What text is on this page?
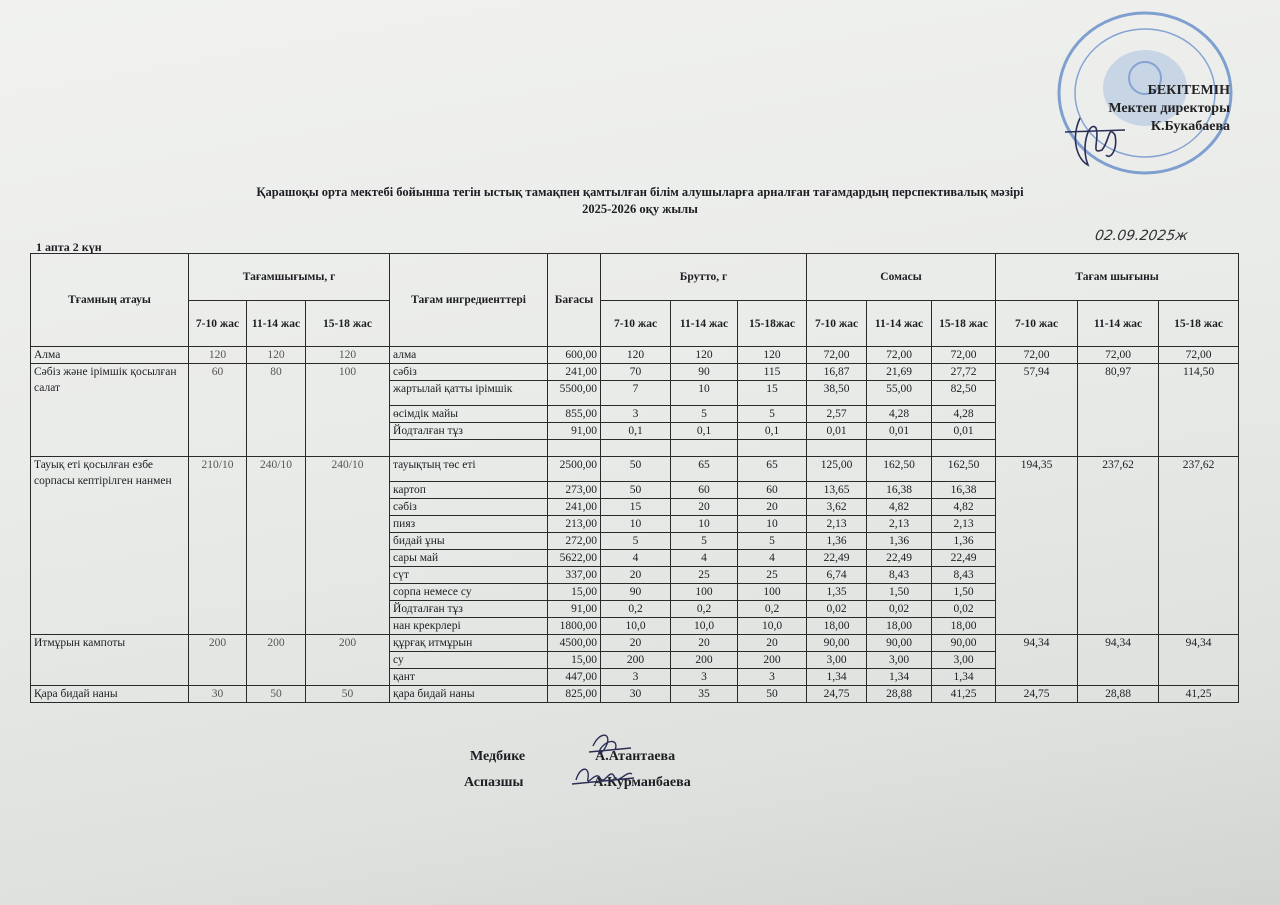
БЕКІТЕМІН
Мектеп директоры
К.Букабаева
Қарашоқы орта мектебі бойынша тегін ыстық тамақпен қамтылған білім алушыларға арналған тағамдардың перспективалық мәзірі
2025-2026 оқу жылы
1 апта 2 күн
02.09.2025ж
Тғамның атауы	Тағамшығымы, г			Тағам ингредиенттері	Бағасы	Брутто, г			Сомасы			Тағам шығыны		
	7-10 жас	11-14 жас	15-18 жас			7-10 жас	11-14 жас	15-18жас	7-10 жас	11-14 жас	15-18 жас	7-10 жас	11-14 жас	15-18 жас
Алма	120	120	120	алма	600,00	120	120	120	72,00	72,00	72,00	72,00	72,00	72,00
Сәбіз және ірімшік қосылған салат	60	80	100	сәбіз	241,00	70	90	115	16,87	21,69	27,72	57,94	80,97	114,50
				жартылай қатты ірімшік	5500,00	7	10	15	38,50	55,00	82,50			
				өсімдік майы	855,00	3	5	5	2,57	4,28	4,28			
				Йодталған тұз	91,00	0,1	0,1	0,1	0,01	0,01	0,01			

Тауық еті қосылған езбе сорпасы кептірілген нанмен	210/10	240/10	240/10	тауықтың төс еті	2500,00	50	65	65	125,00	162,50	162,50	194,35	237,62	237,62
				картоп	273,00	50	60	60	13,65	16,38	16,38			
				сәбіз	241,00	15	20	20	3,62	4,82	4,82			
				пияз	213,00	10	10	10	2,13	2,13	2,13			
				бидай ұны	272,00	5	5	5	1,36	1,36	1,36			
				сары май	5622,00	4	4	4	22,49	22,49	22,49			
				сүт	337,00	20	25	25	6,74	8,43	8,43			
				сорпа немесе су	15,00	90	100	100	1,35	1,50	1,50			
				Йодталған тұз	91,00	0,2	0,2	0,2	0,02	0,02	0,02			
				нан крекрлері	1800,00	10,0	10,0	10,0	18,00	18,00	18,00			
Итмұрын кампоты	200	200	200	құрғақ итмұрын	4500,00	20	20	20	90,00	90,00	90,00	94,34	94,34	94,34
				су	15,00	200	200	200	3,00	3,00	3,00			
				қант	447,00	3	3	3	1,34	1,34	1,34			
Қара бидай наны	30	50	50	қара бидай наны	825,00	30	35	50	24,75	28,88	41,25	24,75	28,88	41,25
Медбике	А.Атантаева
Аспазшы	А.Курманбаева
